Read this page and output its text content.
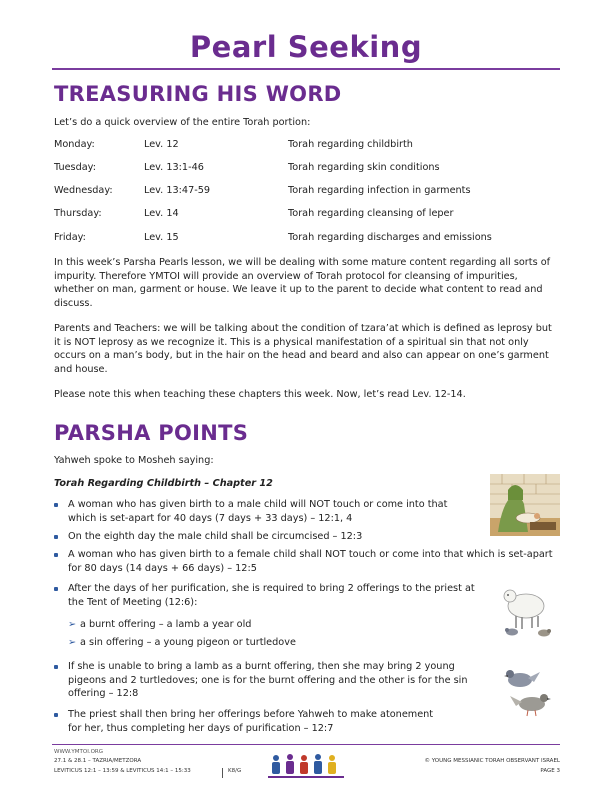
Pearl Seeking
TREASURING HIS WORD
Let’s do a quick overview of the entire Torah portion:
Monday:	Lev. 12	Torah regarding childbirth
Tuesday:	Lev. 13:1-46	Torah regarding skin conditions
Wednesday:	Lev. 13:47-59	Torah regarding infection in garments
Thursday:	Lev. 14	Torah regarding cleansing of leper
Friday:	Lev. 15	Torah regarding discharges and emissions
In this week’s Parsha Pearls lesson, we will be dealing with some mature content regarding all sorts of impurity. Therefore YMTOI will provide an overview of Torah protocol for cleansing of impurities, whether on man, garment or house. We leave it up to the parent to decide what content to read and discuss.
Parents and Teachers: we will be talking about the condition of tzara’at which is defined as leprosy but it is NOT leprosy as we recognize it. This is a physical manifestation of a spiritual sin that not only occurs on a man’s body, but in the hair on the head and beard and also can appear on one’s garment and house.
Please note this when teaching these chapters this week. Now, let’s read Lev. 12-14.
PARSHA POINTS
Yahweh spoke to Mosheh saying:
Torah Regarding Childbirth – Chapter 12
A woman who has given birth to a male child will NOT touch or come into that which is set-apart for 40 days (7 days + 33 days) – 12:1, 4
On the eighth day the male child shall be circumcised – 12:3
A woman who has given birth to a female child shall NOT touch or come into that which is set-apart for 80 days (14 days + 66 days) – 12:5
After the days of her purification, she is required to bring 2 offerings to the priest at the Tent of Meeting (12:6):
➢ a burnt offering – a lamb a year old
➢ a sin offering – a young pigeon or turtledove
If she is unable to bring a lamb as a burnt offering, then she may bring 2 young pigeons and 2 turtledoves; one is for the burnt offering and the other is for the sin offering – 12:8
The priest shall then bring her offerings before Yahweh to make atonement for her, thus completing her days of purification – 12:7
WWW.YMTOI.ORG
27.1 & 28.1 – TAZRIA/METZORA
LEVITICUS 12:1 – 13:59 & LEVITICUS 14:1 – 15:33	K8/G
© YOUNG MESSIANIC TORAH OBSERVANT ISRAEL
PAGE 3
